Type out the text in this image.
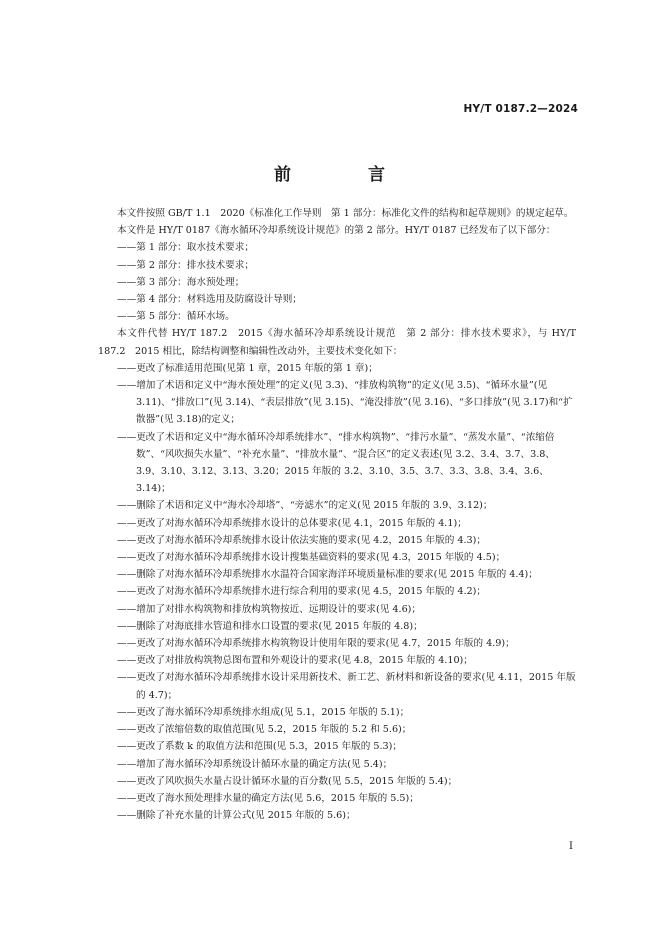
HY/T 0187.2—2024
前　言

本文件按照 GB/T 1.1　2020《标准化工作导则　第 1 部分：标准化文件的结构和起草规则》的规定起草。

本文件是 HY/T 0187《海水循环冷却系统设计规范》的第 2 部分。HY/T 0187 已经发布了以下部分：

——第 1 部分：取水技术要求；

——第 2 部分：排水技术要求；

——第 3 部分：海水预处理；

——第 4 部分：材料选用及防腐设计导则；

——第 5 部分：循环水场。

本文件代替 HY/T 187.2　2015《海水循环冷却系统设计规范　第 2 部分：排水技术要求》，与 HY/T 187.2　2015 相比，除结构调整和编辑性改动外，主要技术变化如下：

——更改了标准适用范围(见第 1 章，2015 年版的第 1 章)；

——增加了术语和定义中“海水预处理”的定义(见 3.3)、“排放构筑物”的定义(见 3.5)、“循环水量”(见 3.11)、“排放口”(见 3.14)、“表层排放”(见 3.15)、“淹没排放”(见 3.16)、“多口排放”(见 3.17)和“扩散器”(见 3.18)的定义；

——更改了术语和定义中“海水循环冷却系统排水”、“排水构筑物”、“排污水量”、“蒸发水量”、“浓缩倍数”、“风吹损失水量”、“补充水量”、“排放水量”、“混合区”的定义表述(见 3.2、3.4、3.7、3.8、3.9、3.10、3.12、3.13、3.20；2015 年版的 3.2、3.10、3.5、3.7、3.3、3.8、3.4、3.6、3.14)；

——删除了术语和定义中“海水冷却塔”、“旁滤水”的定义(见 2015 年版的 3.9、3.12)；

——更改了对海水循环冷却系统排水设计的总体要求(见 4.1，2015 年版的 4.1)；

——更改了对海水循环冷却系统排水设计依法实施的要求(见 4.2，2015 年版的 4.3)；

——更改了对海水循环冷却系统排水设计搜集基础资料的要求(见 4.3，2015 年版的 4.5)；

——删除了对海水循环冷却系统排水水温符合国家海洋环境质量标准的要求(见 2015 年版的 4.4)；

——更改了对海水循环冷却系统排水进行综合利用的要求(见 4.5，2015 年版的 4.2)；

——增加了对排水构筑物和排放构筑物按近、远期设计的要求(见 4.6)；

——删除了对海底排水管道和排水口设置的要求(见 2015 年版的 4.8)；

——更改了对海水循环冷却系统排水构筑物设计使用年限的要求(见 4.7，2015 年版的 4.9)；

——更改了对排放构筑物总图布置和外观设计的要求(见 4.8，2015 年版的 4.10)；

——更改了对海水循环冷却系统排水设计采用新技术、新工艺、新材料和新设备的要求(见 4.11，2015 年版的 4.7)；

——更改了海水循环冷却系统排水组成(见 5.1，2015 年版的 5.1)；

——更改了浓缩倍数的取值范围(见 5.2，2015 年版的 5.2 和 5.6)；

——更改了系数 k 的取值方法和范围(见 5.3，2015 年版的 5.3)；

——增加了海水循环冷却系统设计循环水量的确定方法(见 5.4)；

——更改了风吹损失水量占设计循环水量的百分数(见 5.5，2015 年版的 5.4)；

——更改了海水预处理排水量的确定方法(见 5.6，2015 年版的 5.5)；

——删除了补充水量的计算公式(见 2015 年版的 5.6)；

I
